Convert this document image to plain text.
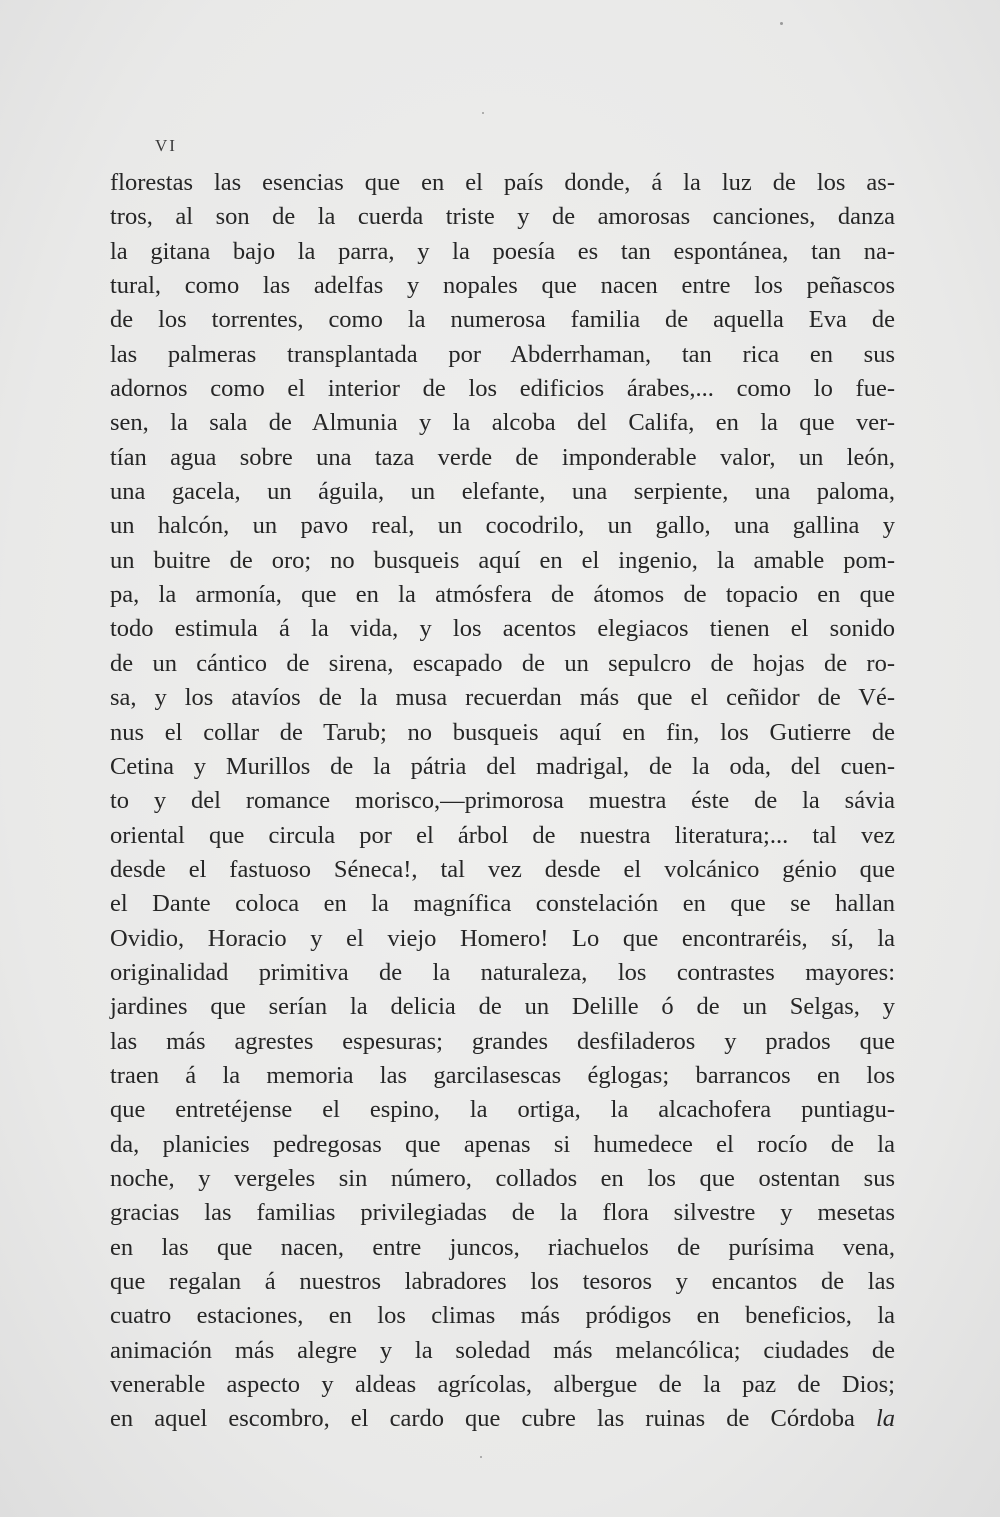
VI
florestas las esencias que en el país donde, á la luz de los as-
tros, al son de la cuerda triste y de amorosas canciones, danza
la gitana bajo la parra, y la poesía es tan espontánea, tan na-
tural, como las adelfas y nopales que nacen entre los peñascos
de los torrentes, como la numerosa familia de aquella Eva de
las palmeras transplantada por Abderrhaman, tan rica en sus
adornos como el interior de los edificios árabes,... como lo fue-
sen, la sala de Almunia y la alcoba del Califa, en la que ver-
tían agua sobre una taza verde de imponderable valor, un león,
una gacela, un águila, un elefante, una serpiente, una paloma,
un halcón, un pavo real, un cocodrilo, un gallo, una gallina y
un buitre de oro; no busqueis aquí en el ingenio, la amable pom-
pa, la armonía, que en la atmósfera de átomos de topacio en que
todo estimula á la vida, y los acentos elegiacos tienen el sonido
de un cántico de sirena, escapado de un sepulcro de hojas de ro-
sa, y los atavíos de la musa recuerdan más que el ceñidor de Vé-
nus el collar de Tarub; no busqueis aquí en fin, los Gutierre de
Cetina y Murillos de la pátria del madrigal, de la oda, del cuen-
to y del romance morisco,—primorosa muestra éste de la sávia
oriental que circula por el árbol de nuestra literatura;... tal vez
desde el fastuoso Séneca!, tal vez desde el volcánico génio que
el Dante coloca en la magnífica constelación en que se hallan
Ovidio, Horacio y el viejo Homero! Lo que encontraréis, sí, la
originalidad primitiva de la naturaleza, los contrastes mayores:
jardines que serían la delicia de un Delille ó de un Selgas, y
las más agrestes espesuras; grandes desfiladeros y prados que
traen á la memoria las garcilasescas églogas; barrancos en los
que entretéjense el espino, la ortiga, la alcachofera puntiagu-
da, planicies pedregosas que apenas si humedece el rocío de la
noche, y vergeles sin número, collados en los que ostentan sus
gracias las familias privilegiadas de la flora silvestre y mesetas
en las que nacen, entre juncos, riachuelos de purísima vena,
que regalan á nuestros labradores los tesoros y encantos de las
cuatro estaciones, en los climas más pródigos en beneficios, la
animación más alegre y la soledad más melancólica; ciudades de
venerable aspecto y aldeas agrícolas, albergue de la paz de Dios;
en aquel escombro, el cardo que cubre las ruinas de Córdoba la
